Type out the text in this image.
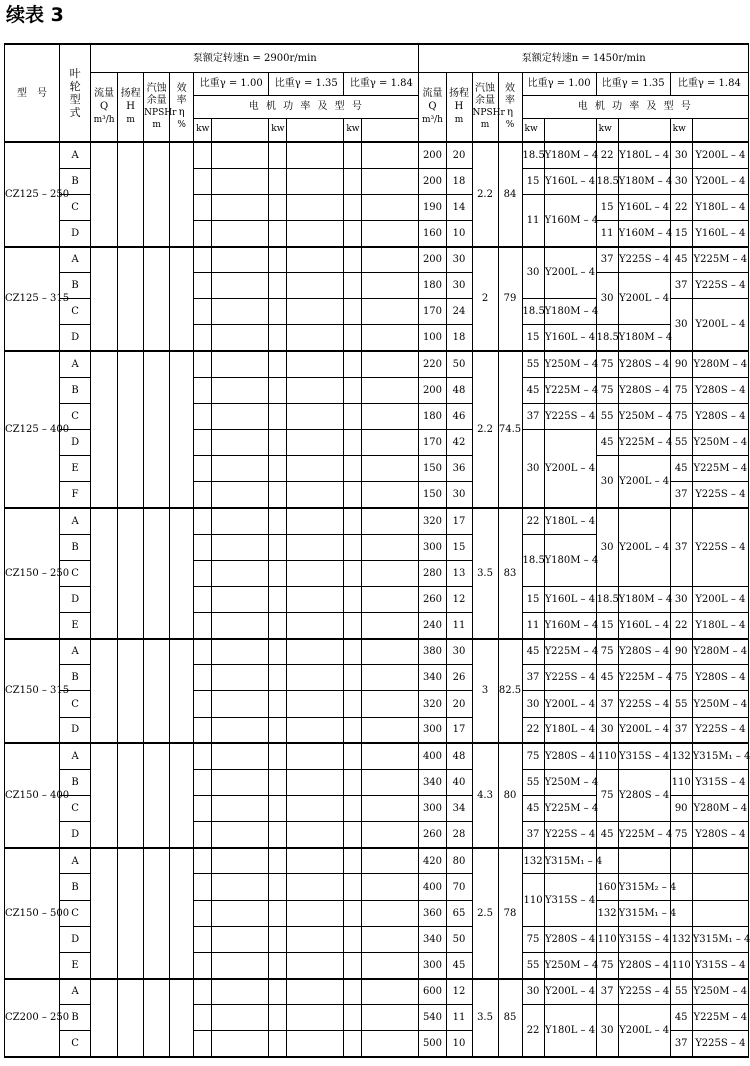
续表 3
型　号	叶轮型式	泵额定转速n = 2900r/min										泵额定转速n = 1450r/min									
		流量
Q
m³/h	扬程
H
m	汽蚀余量
NPSHr
m	效率
η
%	比重γ = 1.00		比重γ = 1.35		比重γ = 1.84		流量
Q
m³/h	扬程
H
m	汽蚀余量
NPSHr
m	效率
η
%	比重γ = 1.00		比重γ = 1.35		比重γ = 1.84	
						电 机 功 率 及 型 号										电 机 功 率 及 型 号					
						kw		kw		kw						kw		kw		kw	
CZ125 – 250	A											200	20	2.2	84	18.5	Y180M – 4	22	Y180L – 4	30	Y200L – 4
	B											200	18			15	Y160L – 4	18.5	Y180M – 4	30	Y200L – 4
	C											190	14			11	Y160M – 4	15	Y160L – 4	22	Y180L – 4
	D											160	10					11	Y160M – 4	15	Y160L – 4
CZ125 – 315	A											200	30	2	79	30	Y200L – 4	37	Y225S – 4	45	Y225M – 4
	B											180	30					30	Y200L – 4	37	Y225S – 4
	C											170	24			18.5	Y180M – 4			30	Y200L – 4
	D											100	18			15	Y160L – 4	18.5	Y180M – 4		
CZ125 – 400	A											220	50	2.2	74.5	55	Y250M – 4	75	Y280S – 4	90	Y280M – 4
	B											200	48			45	Y225M – 4	75	Y280S – 4	75	Y280S – 4
	C											180	46			37	Y225S – 4	55	Y250M – 4	75	Y280S – 4
	D											170	42			30	Y200L – 4	45	Y225M – 4	55	Y250M – 4
	E											150	36					30	Y200L – 4	45	Y225M – 4
	F											150	30							37	Y225S – 4
CZ150 – 250	A											320	17	3.5	83	22	Y180L – 4	30	Y200L – 4	37	Y225S – 4
	B											300	15			18.5	Y180M – 4				
	C											280	13								
	D											260	12			15	Y160L – 4	18.5	Y180M – 4	30	Y200L – 4
	E											240	11			11	Y160M – 4	15	Y160L – 4	22	Y180L – 4
CZ150 – 315	A											380	30	3	82.5	45	Y225M – 4	75	Y280S – 4	90	Y280M – 4
	B											340	26			37	Y225S – 4	45	Y225M – 4	75	Y280S – 4
	C											320	20			30	Y200L – 4	37	Y225S – 4	55	Y250M – 4
	D											300	17			22	Y180L – 4	30	Y200L – 4	37	Y225S – 4
CZ150 – 400	A											400	48	4.3	80	75	Y280S – 4	110	Y315S – 4	132	Y315M₁ – 4
	B											340	40			55	Y250M – 4	75	Y280S – 4	110	Y315S – 4
	C											300	34			45	Y225M – 4			90	Y280M – 4
	D											260	28			37	Y225S – 4	45	Y225M – 4	75	Y280S – 4
CZ150 – 500	A											420	80	2.5	78	132	Y315M₁ – 4				
	B											400	70			110	Y315S – 4	160	Y315M₂ – 4		
	C											360	65					132	Y315M₁ – 4		
	D											340	50			75	Y280S – 4	110	Y315S – 4	132	Y315M₁ – 4
	E											300	45			55	Y250M – 4	75	Y280S – 4	110	Y315S – 4
CZ200 – 250	A											600	12	3.5	85	30	Y200L – 4	37	Y225S – 4	55	Y250M – 4
	B											540	11			22	Y180L – 4	30	Y200L – 4	45	Y225M – 4
	C											500	10							37	Y225S – 4
